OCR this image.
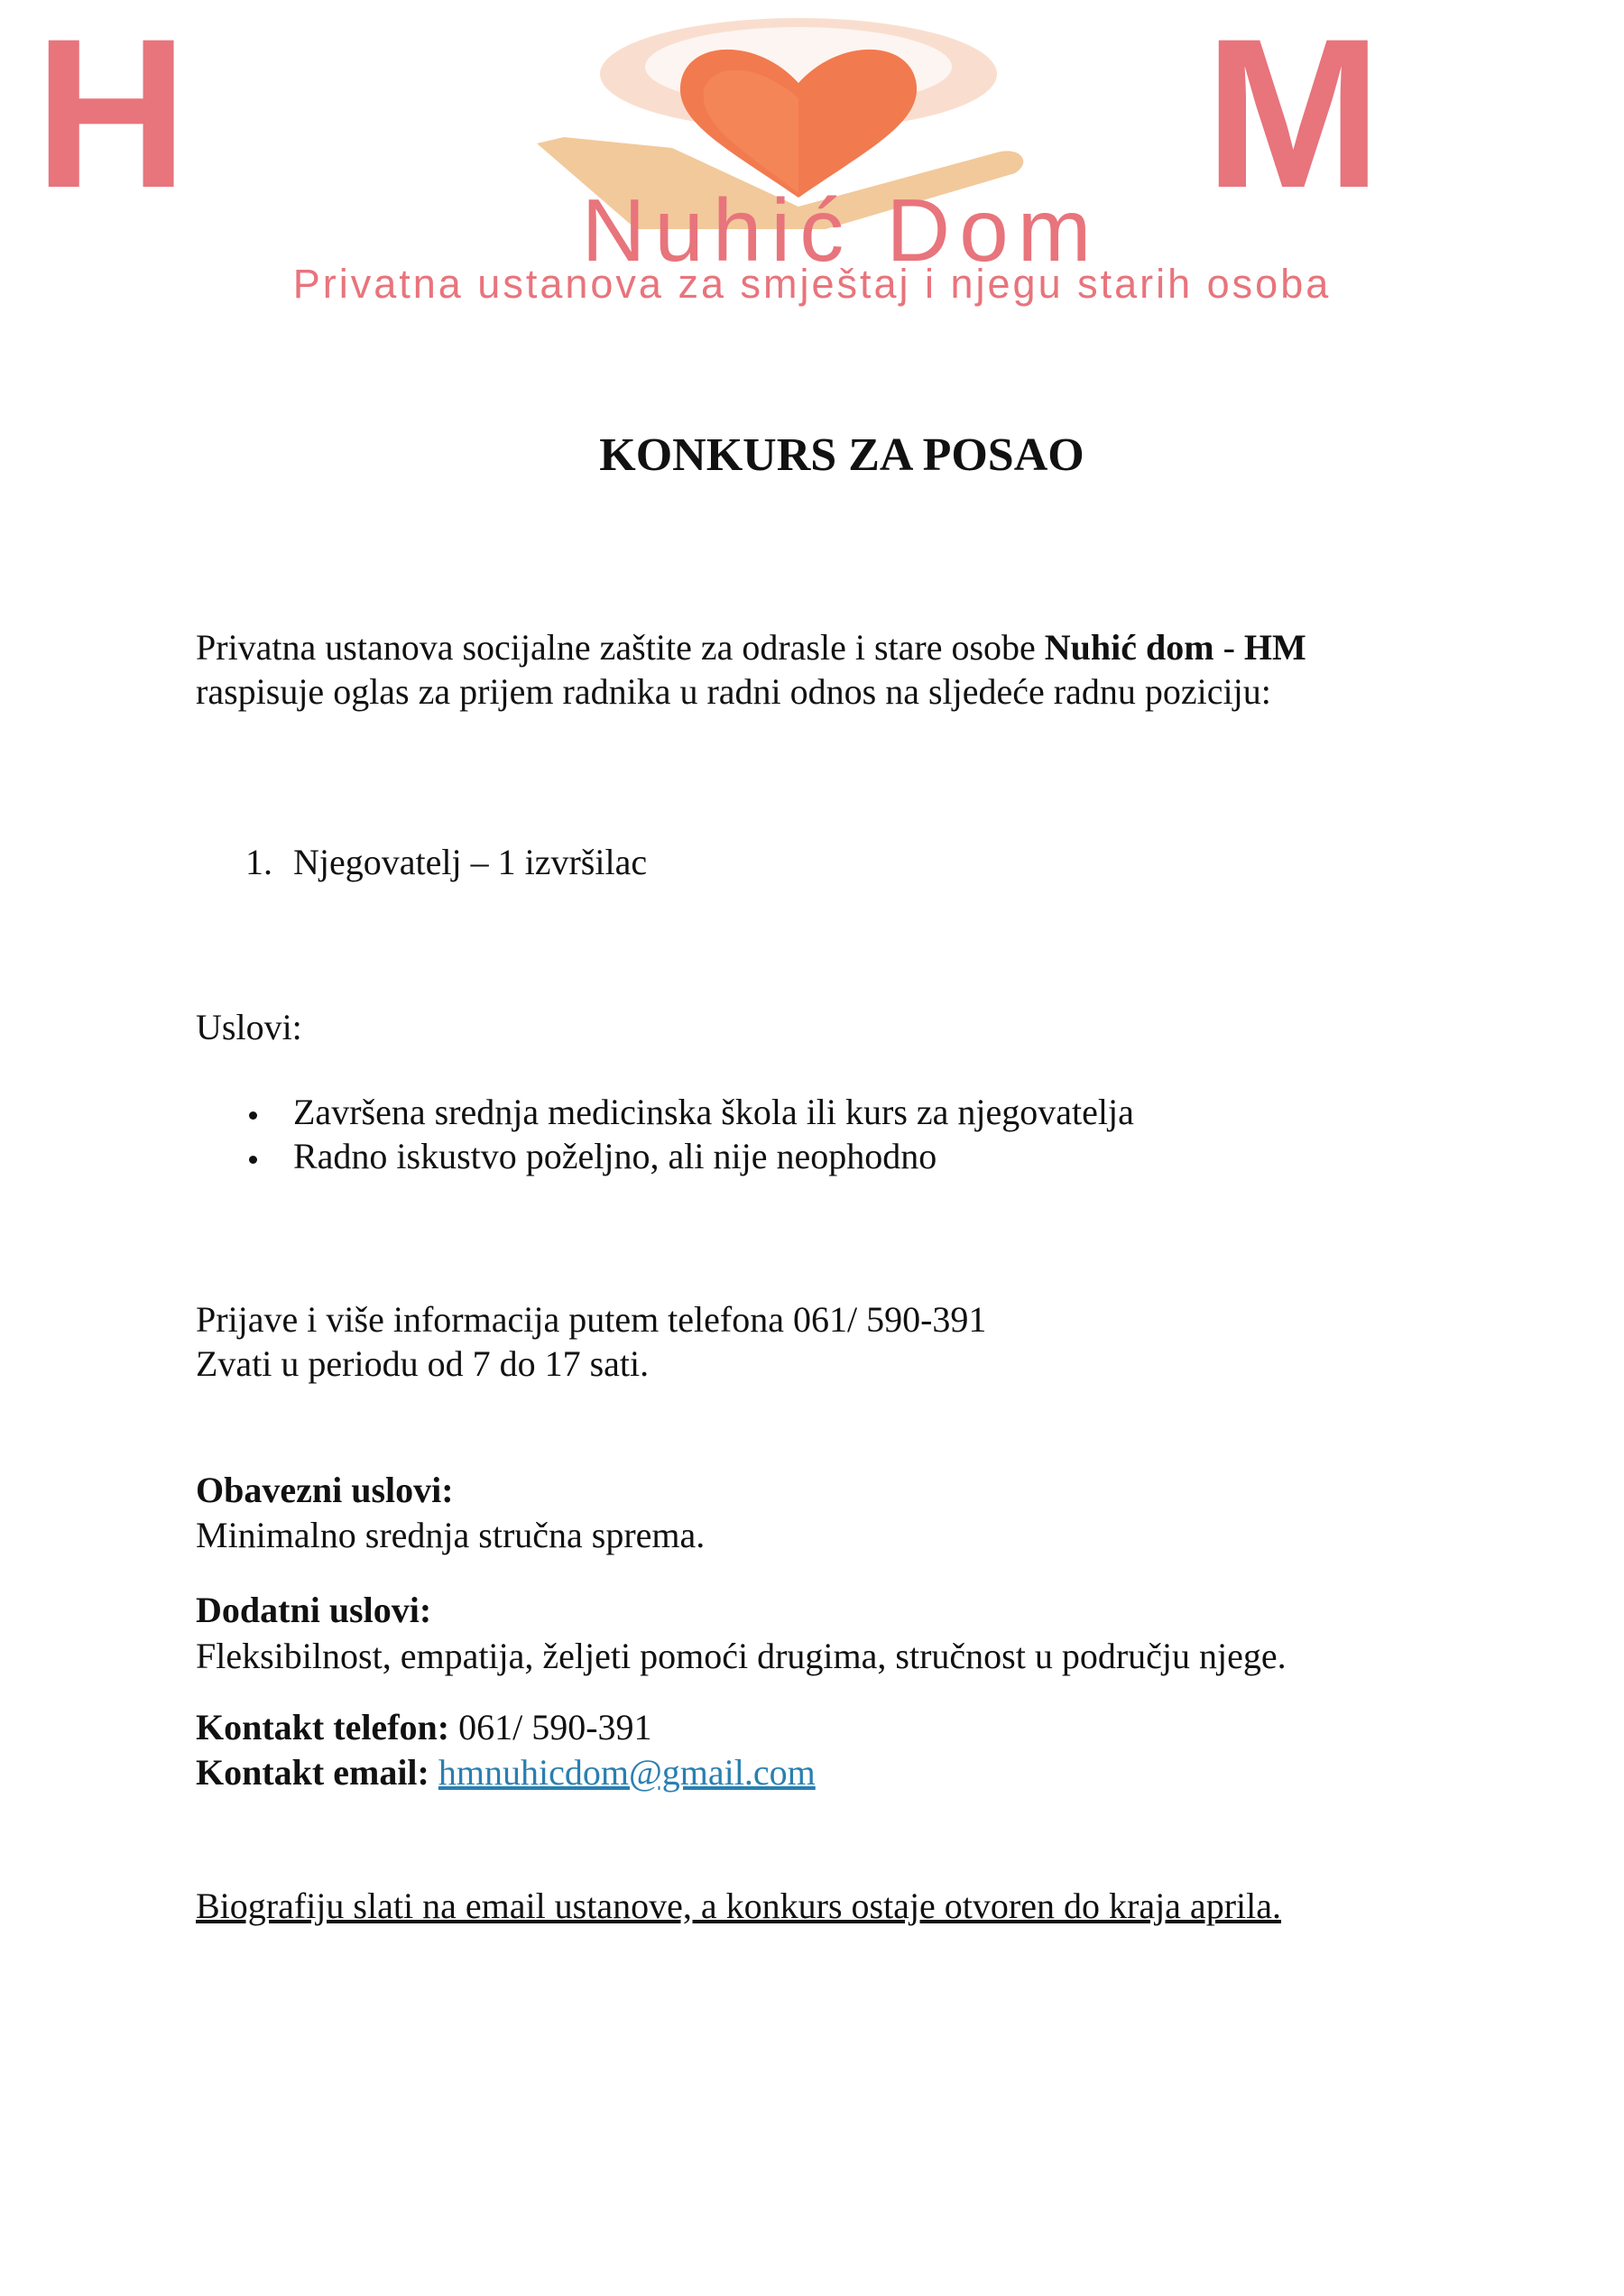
H	M
Nuhić Dom
Privatna ustanova za smještaj i njegu starih osoba
KONKURS ZA POSAO

Privatna ustanova socijalne zaštite za odrasle i stare osobe Nuhić dom - HM

raspisuje oglas za prijem radnika u radni odnos na sljedeće radnu poziciju:

1. Njegovatelj – 1 izvršilac

Uslovi:

Završena srednja medicinska škola ili kurs za njegovatelja

Radno iskustvo poželjno, ali nije neophodno

Prijave i više informacija putem telefona 061/ 590-391

Zvati u periodu od 7 do 17 sati.

Obavezni uslovi:

Minimalno srednja stručna sprema.

Dodatni uslovi:

Fleksibilnost, empatija, željeti pomoći drugima, stručnost u području njege.

Kontakt telefon: 061/ 590-391

Kontakt email: hmnuhicdom@gmail.com

Biografiju slati na email ustanove, a konkurs ostaje otvoren do kraja aprila.
